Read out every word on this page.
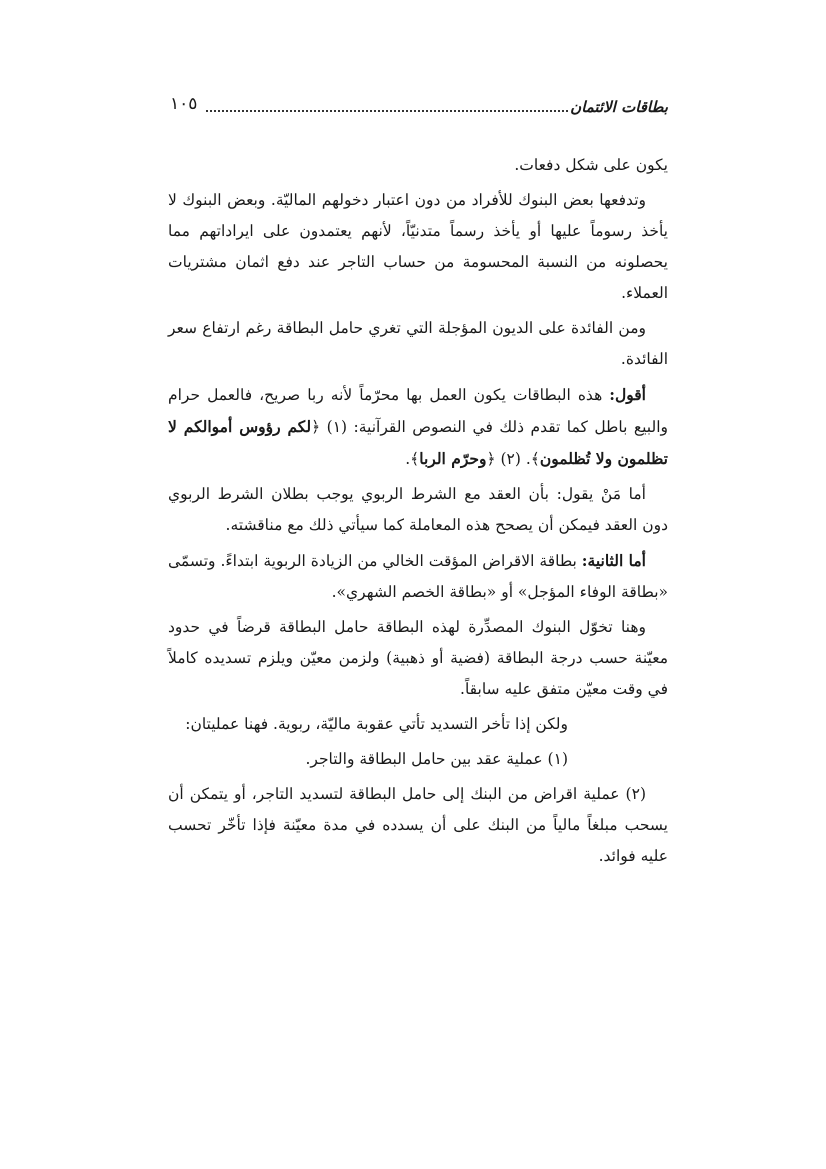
بطاقات الائتمان
١٠٥

يكون على شكل دفعات.

وتدفعها بعض البنوك للأفراد من دون اعتبار دخولهم الماليّة. وبعض البنوك لا يأخذ رسوماً عليها أو يأخذ رسماً متدنيّاً، لأنهم يعتمدون على ايراداتهم مما يحصلونه من النسبة المحسومة من حساب التاجر عند دفع اثمان مشتريات العملاء.

ومن الفائدة على الديون المؤجلة التي تغري حامل البطاقة رغم ارتفاع سعر الفائدة.

أقول: هذه البطاقات يكون العمل بها محرّماً لأنه ربا صريح، فالعمل حرام والبيع باطل كما تقدم ذلك في النصوص القرآنية: (١) ﴿لكم رؤوس أموالكم لا تظلمون ولا تُظلمون﴾. (٢) ﴿وحرّم الربا﴾.

أما مَنْ يقول: بأن العقد مع الشرط الربوي يوجب بطلان الشرط الربوي دون العقد فيمكن أن يصحح هذه المعاملة كما سيأتي ذلك مع مناقشته.

أما الثانية: بطاقة الاقراض المؤقت الخالي من الزيادة الربوية ابتداءً. وتسمّى «بطاقة الوفاء المؤجل» أو «بطاقة الخصم الشهري».

وهنا تخوّل البنوك المصدِّرة لهذه البطاقة حامل البطاقة قرضاً في حدود معيّنة حسب درجة البطاقة (فضية أو ذهبية) ولزمن معيّن ويلزم تسديده كاملاً في وقت معيّن متفق عليه سابقاً.

ولكن إذا تأخر التسديد تأتي عقوبة ماليّة، ربوية. فهنا عمليتان:

(١) عملية عقد بين حامل البطاقة والتاجر.

(٢) عملية اقراض من البنك إلى حامل البطاقة لتسديد التاجر، أو يتمكن أن يسحب مبلغاً مالياً من البنك على أن يسدده في مدة معيّنة فإذا تأخّر تحسب عليه فوائد.
